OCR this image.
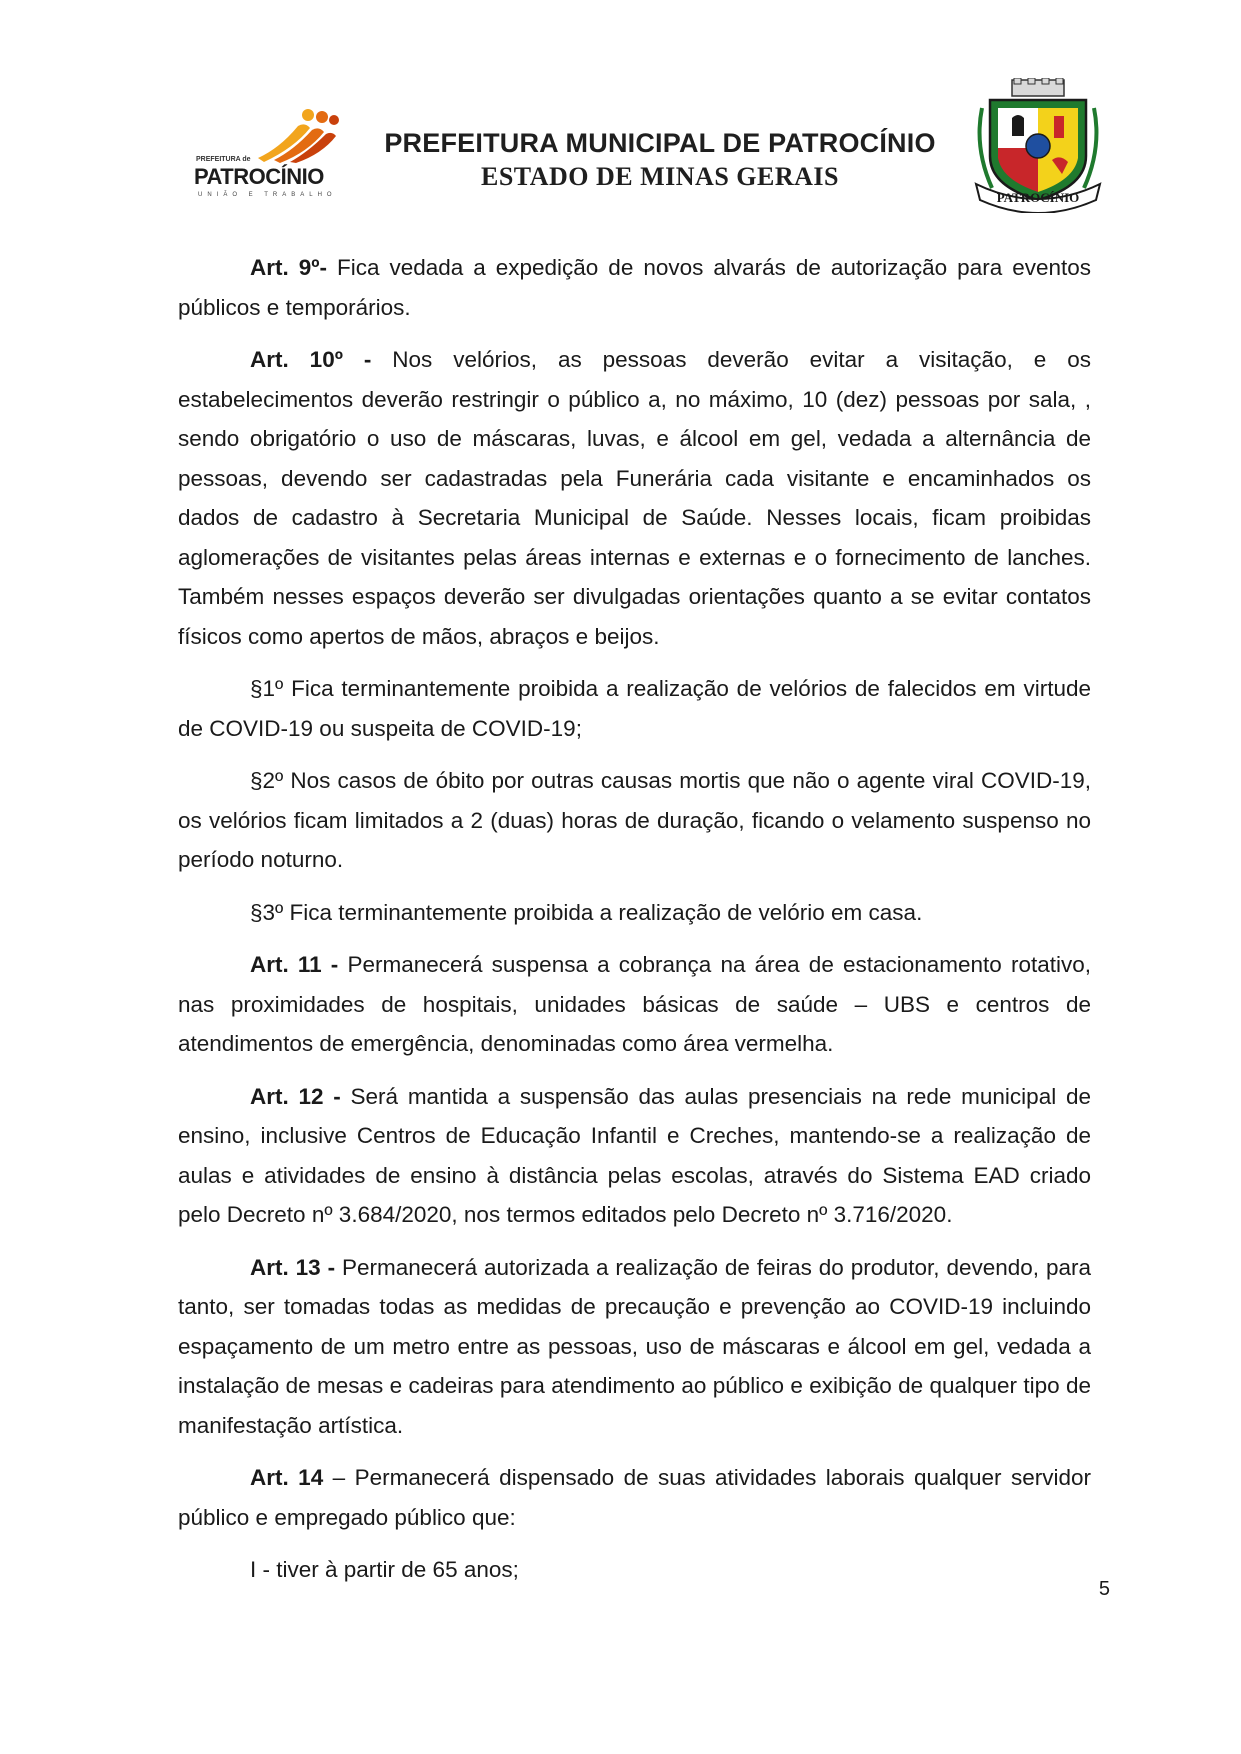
PREFEITURA de
PATROCÍNIO
UNIÃO E TRABALHO
PREFEITURA MUNICIPAL DE PATROCÍNIO
ESTADO DE MINAS GERAIS
PATROCÍNIO

Art. 9º- Fica vedada a expedição de novos alvarás de autorização para eventos públicos e temporários.

Art. 10º - Nos velórios, as pessoas deverão evitar a visitação, e os estabelecimentos deverão restringir o público a, no máximo, 10 (dez) pessoas por sala, , sendo obrigatório o uso de máscaras, luvas, e álcool em gel, vedada a alternância de pessoas, devendo ser cadastradas pela Funerária cada visitante e encaminhados os dados de cadastro à Secretaria Municipal de Saúde. Nesses locais, ficam proibidas aglomerações de visitantes pelas áreas internas e externas e o fornecimento de lanches. Também nesses espaços deverão ser divulgadas orientações quanto a se evitar contatos físicos como apertos de mãos, abraços e beijos.

§1º Fica terminantemente proibida a realização de velórios de falecidos em virtude de COVID-19 ou suspeita de COVID-19;

§2º Nos casos de óbito por outras causas mortis que não o agente viral COVID-19, os velórios ficam limitados a 2 (duas) horas de duração, ficando o velamento suspenso no período noturno.

§3º Fica terminantemente proibida a realização de velório em casa.

Art. 11 - Permanecerá suspensa a cobrança na área de estacionamento rotativo, nas proximidades de hospitais, unidades básicas de saúde – UBS e centros de atendimentos de emergência, denominadas como área vermelha.

Art. 12 - Será mantida a suspensão das aulas presenciais na rede municipal de ensino, inclusive Centros de Educação Infantil e Creches, mantendo-se a realização de aulas e atividades de ensino à distância pelas escolas, através do Sistema EAD criado pelo Decreto nº 3.684/2020, nos termos editados pelo Decreto nº 3.716/2020.

Art. 13 - Permanecerá autorizada a realização de feiras do produtor, devendo, para tanto, ser tomadas todas as medidas de precaução e prevenção ao COVID-19 incluindo espaçamento de um metro entre as pessoas, uso de máscaras e álcool em gel, vedada a instalação de mesas e cadeiras para atendimento ao público e exibição de qualquer tipo de manifestação artística.

Art. 14 – Permanecerá dispensado de suas atividades laborais qualquer servidor público e empregado público que:

I - tiver à partir de 65 anos;

5
